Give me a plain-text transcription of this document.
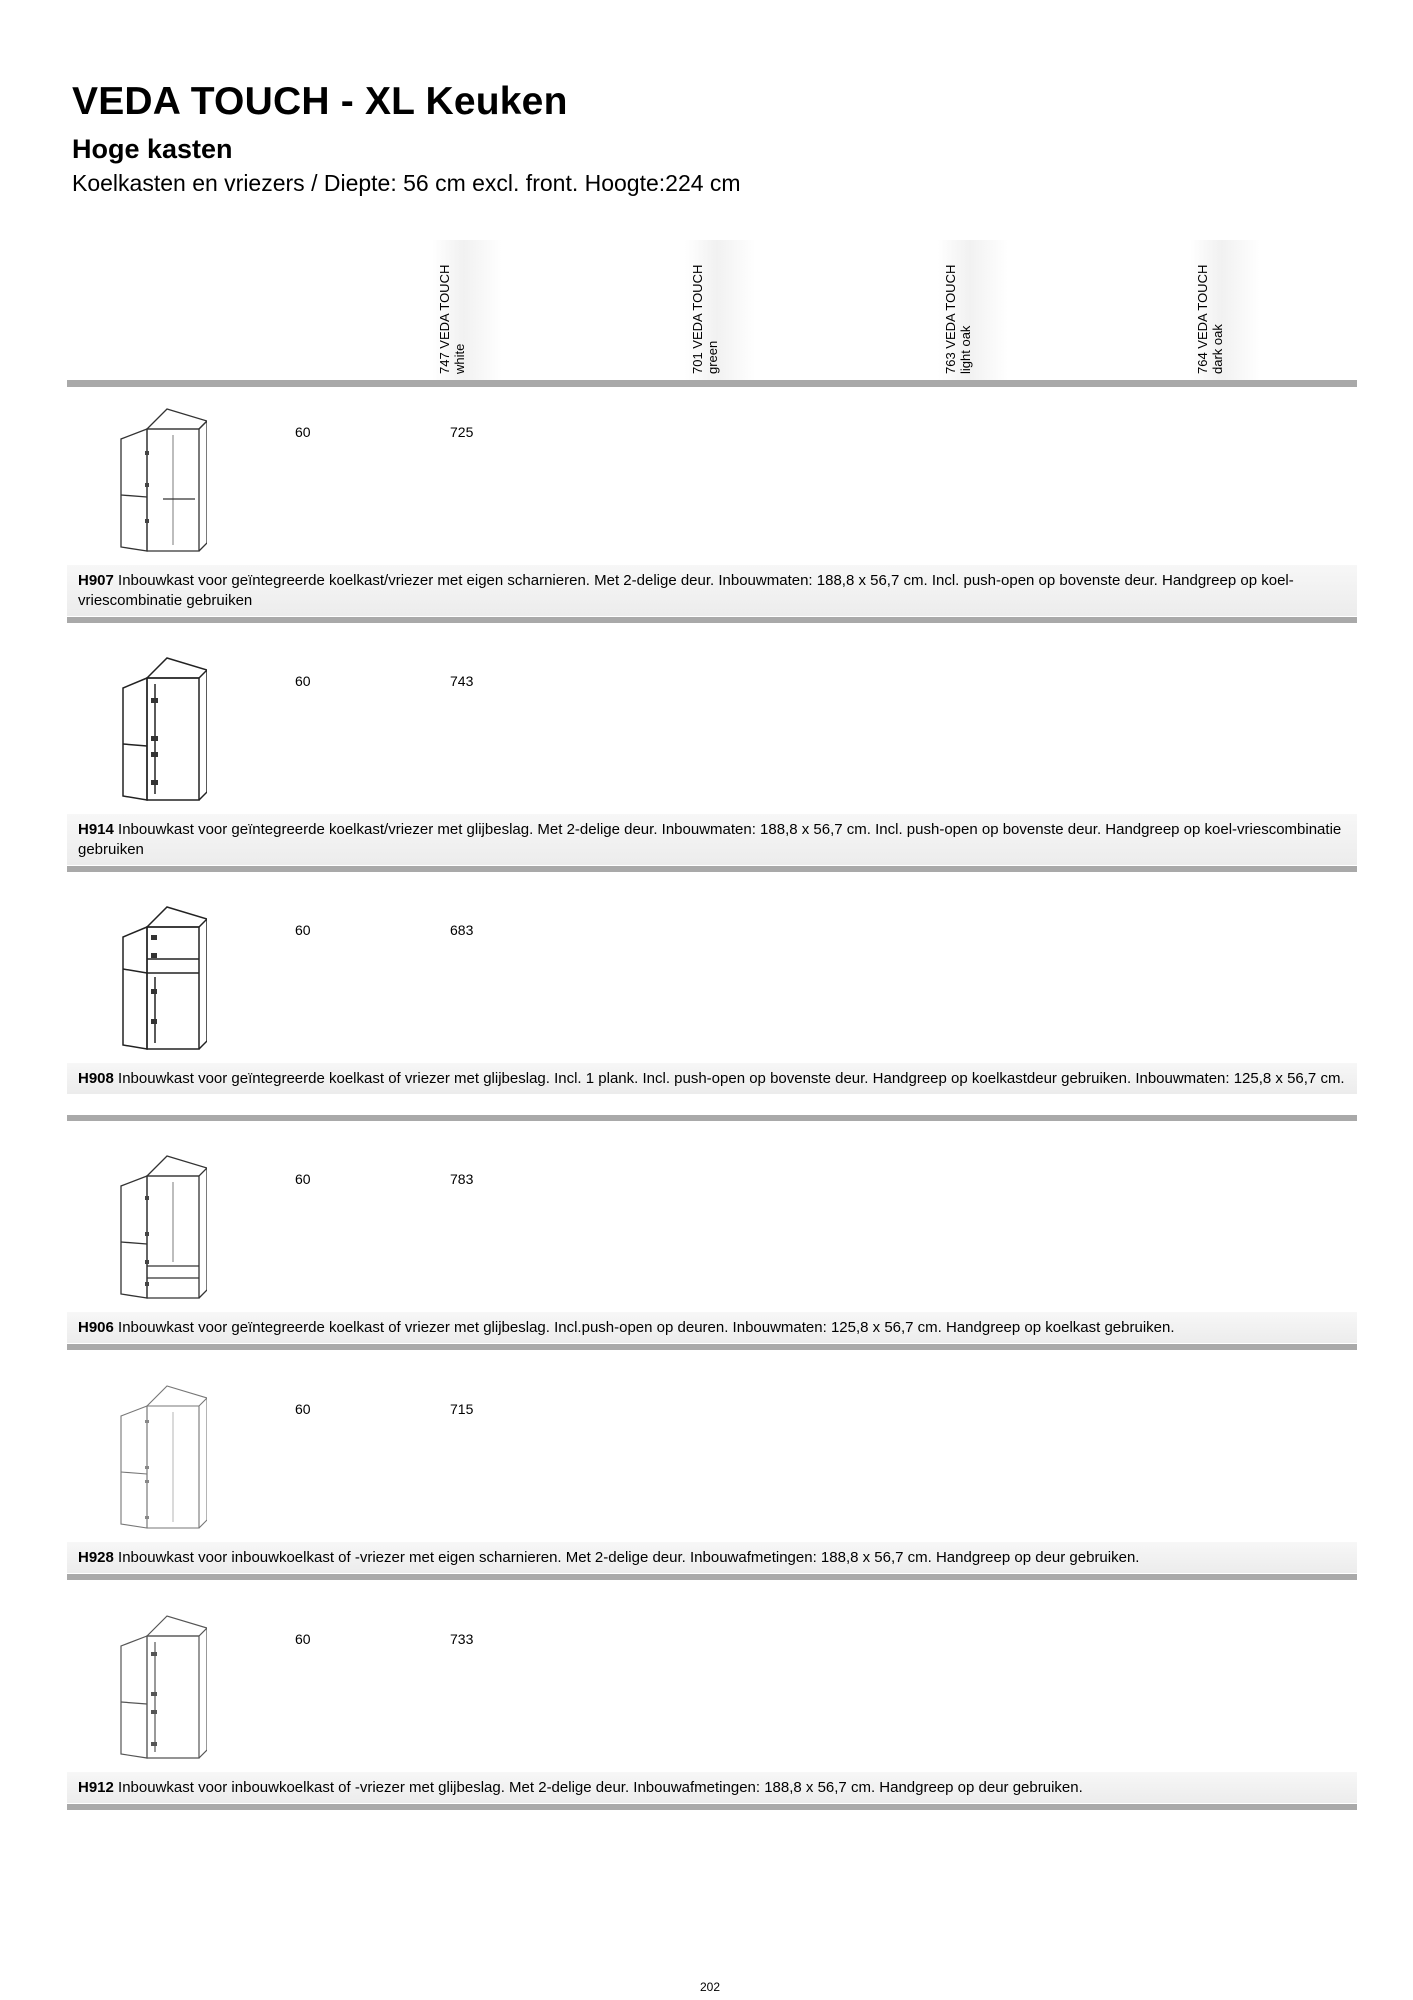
VEDA TOUCH - XL Keuken
Hoge kasten
Koelkasten en vriezers / Diepte: 56 cm excl. front. Hoogte:224 cm
747 VEDA TOUCH white	701 VEDA TOUCH green	763 VEDA TOUCH light oak	764 VEDA TOUCH dark oak
60	725
H907 Inbouwkast voor geïntegreerde koelkast/vriezer met eigen scharnieren. Met 2-delige deur. Inbouwmaten: 188,8 x 56,7 cm. Incl. push-open op bovenste deur. Handgreep op koel-vriescombinatie gebruiken
60	743
H914 Inbouwkast voor geïntegreerde koelkast/vriezer met glijbeslag. Met 2-delige deur. Inbouwmaten: 188,8 x 56,7 cm. Incl. push-open op bovenste deur. Handgreep op koel-vriescombinatie gebruiken
60	683
H908 Inbouwkast voor geïntegreerde koelkast of vriezer met glijbeslag. Incl. 1 plank. Incl. push-open op bovenste deur. Handgreep op koelkastdeur gebruiken. Inbouwmaten: 125,8 x 56,7 cm.
60	783
H906 Inbouwkast voor geïntegreerde koelkast of vriezer met glijbeslag. Incl.push-open op deuren. Inbouwmaten: 125,8 x 56,7 cm. Handgreep op koelkast gebruiken.
60	715
H928 Inbouwkast voor inbouwkoelkast of -vriezer met eigen scharnieren. Met 2-delige deur. Inbouwafmetingen: 188,8 x 56,7 cm. Handgreep op deur gebruiken.
60	733
H912 Inbouwkast voor inbouwkoelkast of -vriezer met glijbeslag. Met 2-delige deur. Inbouwafmetingen: 188,8 x 56,7 cm. Handgreep op deur gebruiken.
202
